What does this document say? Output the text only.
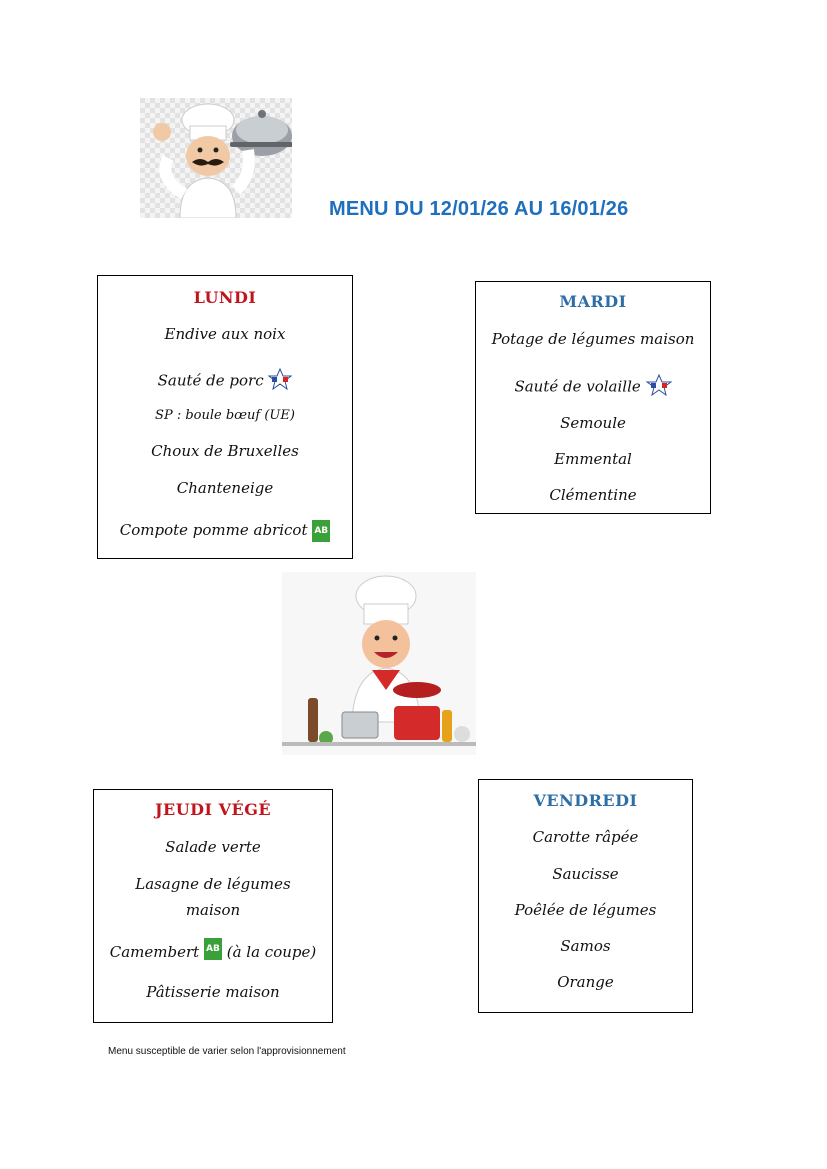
MENU DU 12/01/26 AU 16/01/26
LUNDI
Endive aux noix
Sauté de porc
SP : boule bœuf (UE)
Choux de Bruxelles
Chanteneige
Compote pomme abricot AB
MARDI
Potage de légumes maison
Sauté de volaille
Semoule
Emmental
Clémentine
JEUDI VÉGÉ
Salade verte
Lasagne de légumes
maison
Camembert AB (à la coupe)
Pâtisserie maison
VENDREDI
Carotte râpée
Saucisse
Poêlée de légumes
Samos
Orange
Menu susceptible de varier selon l'approvisionnement
